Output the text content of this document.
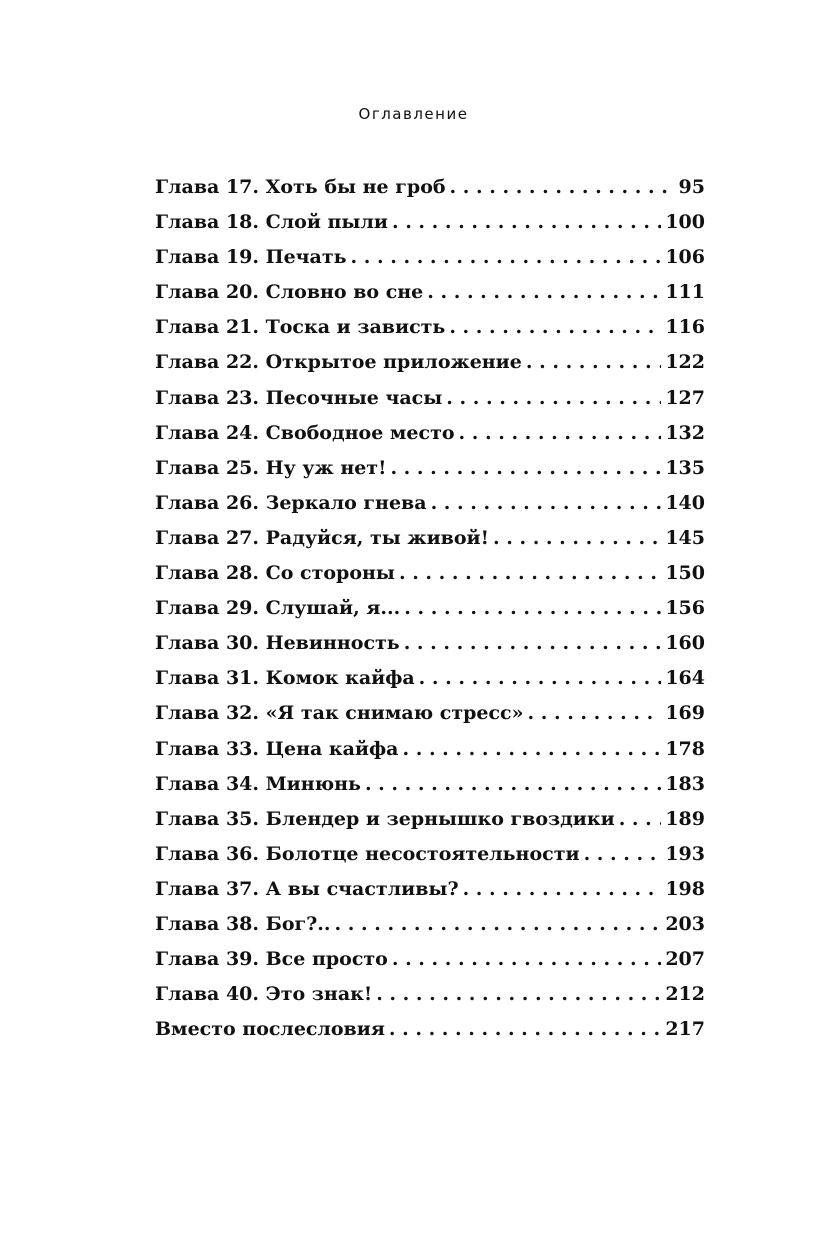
Оглавление
Глава 17. Хоть бы не гроб . . .	95
Глава 18. Слой пыли . . .	100
Глава 19. Печать . . .	106
Глава 20. Словно во сне . . .	111
Глава 21. Тоска и зависть . . .	116
Глава 22. Открытое приложение . . .	122
Глава 23. Песочные часы . . .	127
Глава 24. Свободное место . . .	132
Глава 25. Ну уж нет! . . .	135
Глава 26. Зеркало гнева . . .	140
Глава 27. Радуйся, ты живой! . . .	145
Глава 28. Со стороны . . .	150
Глава 29. Слушай, я... . . .	156
Глава 30. Невинность . . .	160
Глава 31. Комок кайфа . . .	164
Глава 32. «Я так снимаю стресс» . . .	169
Глава 33. Цена кайфа . . .	178
Глава 34. Минюнь . . .	183
Глава 35. Блендер и зернышко гвоздики . . .	189
Глава 36. Болотце несостоятельности . . .	193
Глава 37. А вы счастливы? . . .	198
Глава 38. Бог?.. . . .	203
Глава 39. Все просто . . .	207
Глава 40. Это знак! . . .	212
Вместо послесловия . . .	217
